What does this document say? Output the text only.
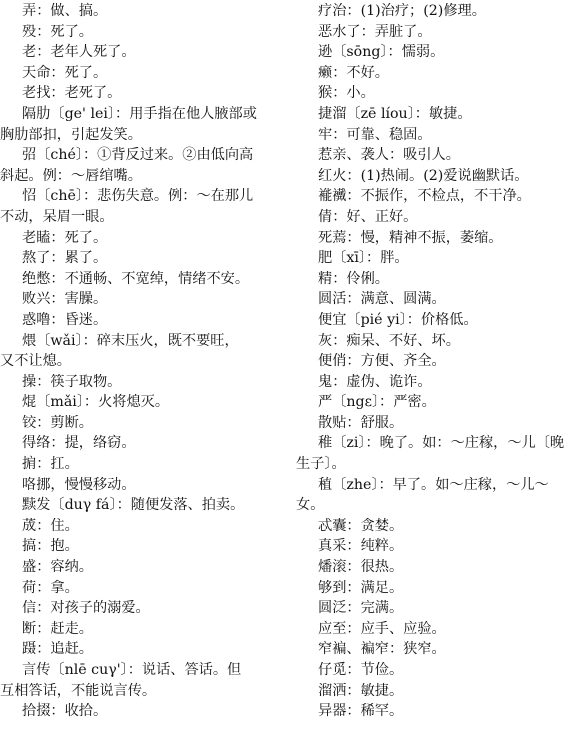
弄：做、搞。
殁：死了。
老：老年人死了。
天命：死了。
老找：老死了。
隔肋〔ge' lei〕：用手指在他人腋部或
胸肋部扣，引起发笑。
弨〔ché〕：①背反过来。②由低向高
斜起。例：～唇绾嘴。
怊〔chē〕：悲伤失意。例：～在那儿
不动，呆眉一眼。
老瞌：死了。
熬了：累了。
绝憋：不通畅、不宽绰，情绪不安。
败兴：害臊。
惑噜：昏迷。
煨〔wǎi〕：碎末压火，既不要旺，
又不让熄。
操：筷子取物。
焜〔mǎi〕：火将熄灭。
铰：剪断。
得络：提，络窃。
掮：扛。
咯挪，慢慢移动。
黩发〔duγ fá〕：随便发落、拍卖。
荿：住。
搞：抱。
盛：容纳。
荷：拿。
信：对孩子的溺爱。
断：赶走。
蹑：追赶。
言传〔nlē cuγ'〕：说话、答话。但
互相答话，不能说言传。
拾掇：收拾。
疗治：(1)治疗；(2)修理。
恶水了：弄脏了。
逊〔sōng〕：懦弱。
癞：不好。
猴：小。
捷溜〔zē líou〕：敏捷。
牢：可靠、稳固。
惹亲、袭人：吸引人。
红火：(1)热闹。(2)爱说幽默话。
褦襶：不振作，不检点，不干净。
倩：好、正好。
死蔫：慢，精神不振，萎缩。
肥〔xī〕：胖。
精：伶俐。
圆活：满意、圆满。
便宜〔pié yi〕：价格低。
灰：痴呆、不好、坏。
便俏：方便、齐全。
鬼：虚伪、诡诈。
严〔ngε〕：严密。
散贴：舒服。
稚〔zi〕：晚了。如：～庄稼，～儿〔晚
生子〕。
稙〔zhe〕：早了。如～庄稼，～儿～
女。
忒囊：贪婪。
真采：纯粹。
燔滚：很热。
够到：满足。
圆泛：完满。
应至：应手、应验。
窄褊、褊窄：狭窄。
仔觅：节俭。
溜洒：敏捷。
异器：稀罕。
